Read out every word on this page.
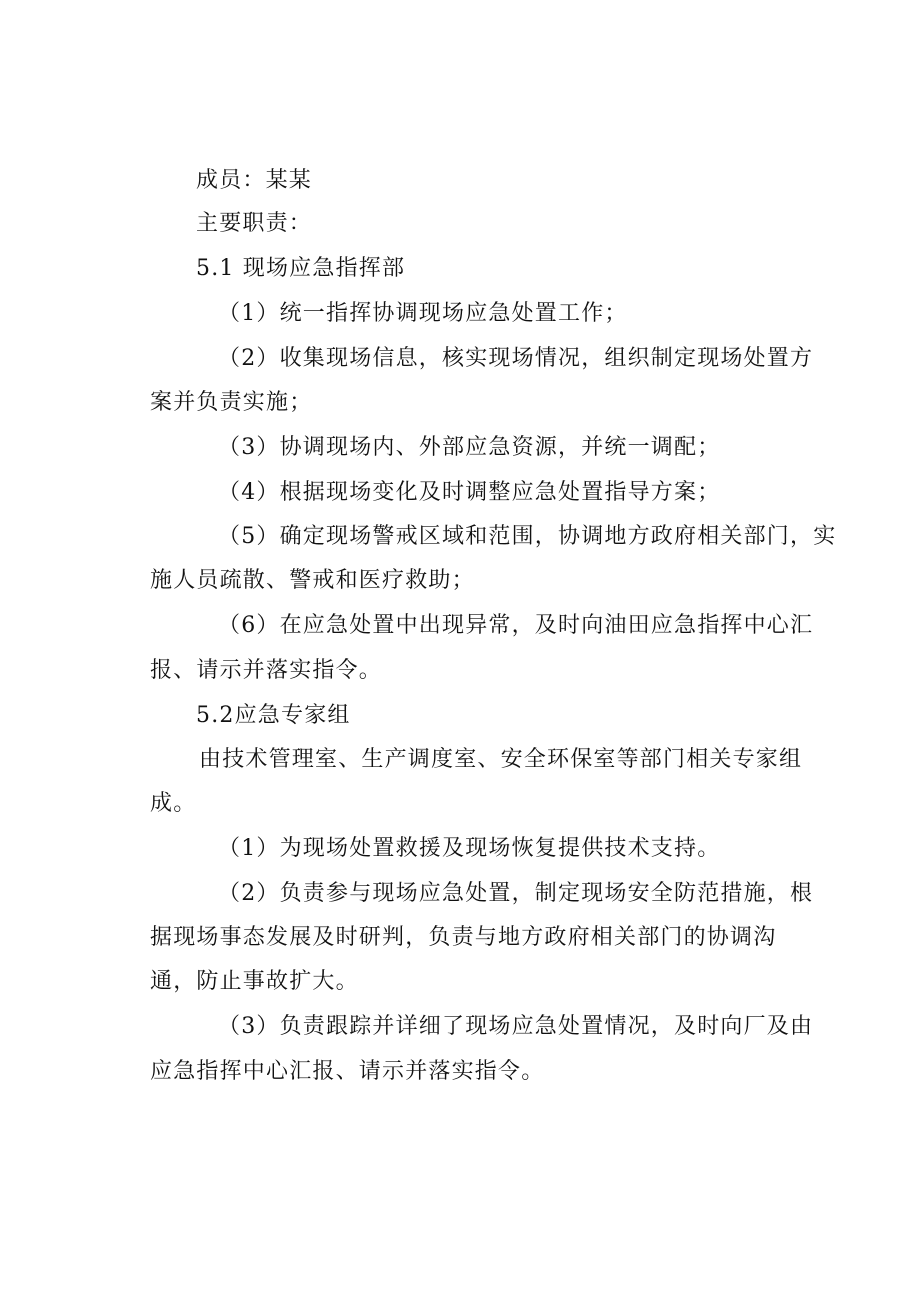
成员：某某
主要职责：
5.1 现场应急指挥部
（1）统一指挥协调现场应急处置工作；
（2）收集现场信息，核实现场情况，组织制定现场处置方
案并负责实施；
（3）协调现场内、外部应急资源，并统一调配；
（4）根据现场变化及时调整应急处置指导方案；
（5）确定现场警戒区域和范围，协调地方政府相关部门，实
施人员疏散、警戒和医疗救助；
（6）在应急处置中出现异常，及时向油田应急指挥中心汇
报、请示并落实指令。
5.2应急专家组
由技术管理室、生产调度室、安全环保室等部门相关专家组
成。
（1）为现场处置救援及现场恢复提供技术支持。
（2）负责参与现场应急处置，制定现场安全防范措施，根
据现场事态发展及时研判，负责与地方政府相关部门的协调沟
通，防止事故扩大。
（3）负责跟踪并详细了现场应急处置情况，及时向厂及由
应急指挥中心汇报、请示并落实指令。
